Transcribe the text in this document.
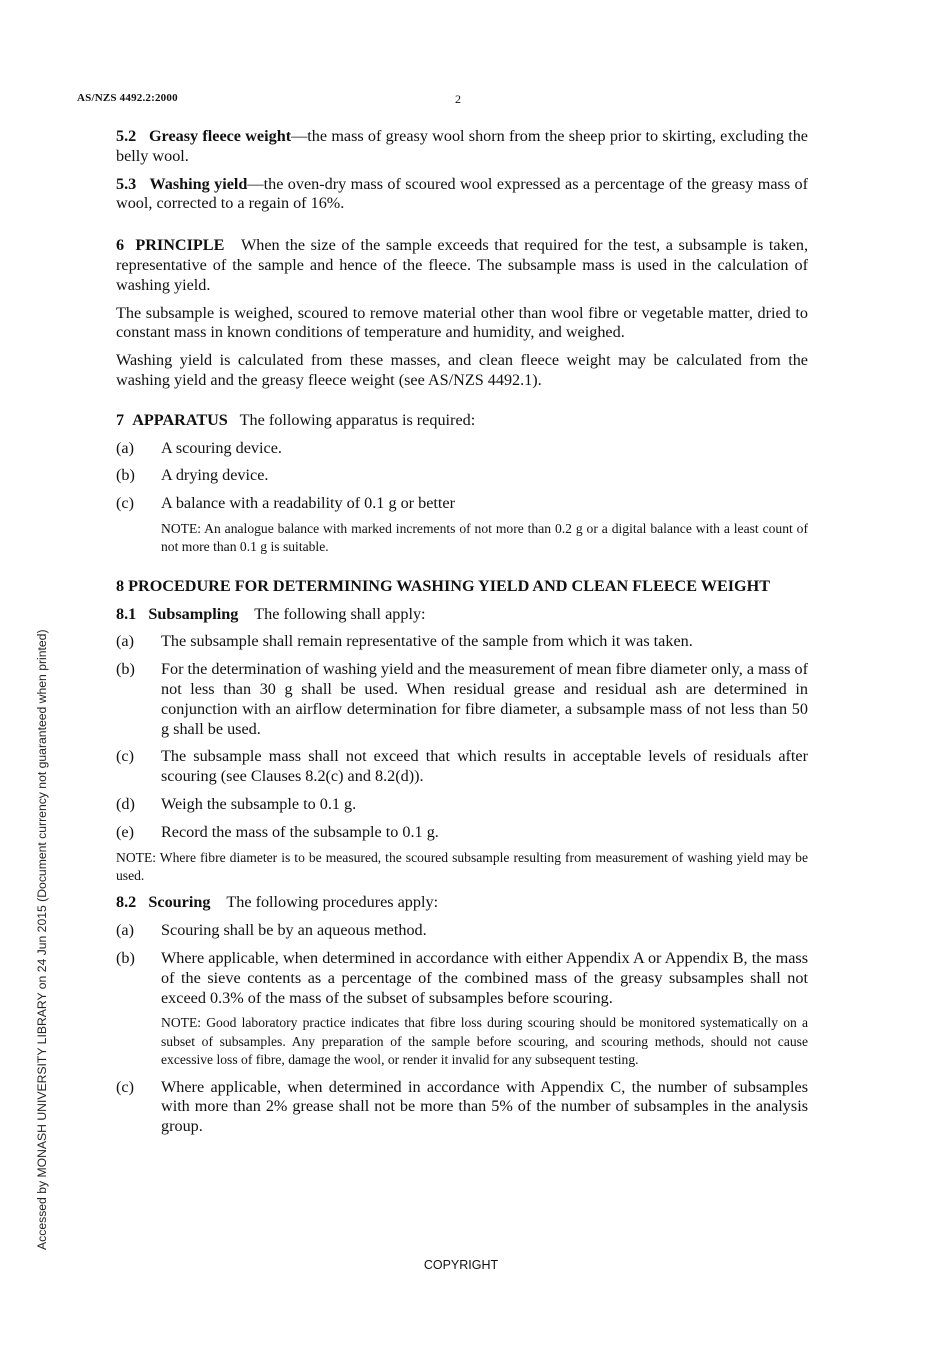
AS/NZS 4492.2:2000	2
Accessed by MONASH UNIVERSITY LIBRARY on 24 Jun 2015 (Document currency not guaranteed when printed)

5.2 Greasy fleece weight—the mass of greasy wool shorn from the sheep prior to skirting, excluding the belly wool.

5.3 Washing yield—the oven-dry mass of scoured wool expressed as a percentage of the greasy mass of wool, corrected to a regain of 16%.

6 PRINCIPLE When the size of the sample exceeds that required for the test, a subsample is taken, representative of the sample and hence of the fleece. The subsample mass is used in the calculation of washing yield.

The subsample is weighed, scoured to remove material other than wool fibre or vegetable matter, dried to constant mass in known conditions of temperature and humidity, and weighed.

Washing yield is calculated from these masses, and clean fleece weight may be calculated from the washing yield and the greasy fleece weight (see AS/NZS 4492.1).

7 APPARATUS The following apparatus is required:

(a)	A scouring device.
(b)	A drying device.
(c)	A balance with a readability of 0.1 g or better

NOTE: An analogue balance with marked increments of not more than 0.2 g or a digital balance with a least count of not more than 0.1 g is suitable.

8 PROCEDURE FOR DETERMINING WASHING YIELD AND CLEAN FLEECE WEIGHT

8.1 Subsampling The following shall apply:

(a)	The subsample shall remain representative of the sample from which it was taken.
(b)	For the determination of washing yield and the measurement of mean fibre diameter only, a mass of not less than 30 g shall be used. When residual grease and residual ash are determined in conjunction with an airflow determination for fibre diameter, a subsample mass of not less than 50 g shall be used.
(c)	The subsample mass shall not exceed that which results in acceptable levels of residuals after scouring (see Clauses 8.2(c) and 8.2(d)).
(d)	Weigh the subsample to 0.1 g.
(e)	Record the mass of the subsample to 0.1 g.

NOTE: Where fibre diameter is to be measured, the scoured subsample resulting from measurement of washing yield may be used.

8.2 Scouring The following procedures apply:

(a)	Scouring shall be by an aqueous method.
(b)	Where applicable, when determined in accordance with either Appendix A or Appendix B, the mass of the sieve contents as a percentage of the combined mass of the greasy subsamples shall not exceed 0.3% of the mass of the subset of subsamples before scouring.

NOTE: Good laboratory practice indicates that fibre loss during scouring should be monitored systematically on a subset of subsamples. Any preparation of the sample before scouring, and scouring methods, should not cause excessive loss of fibre, damage the wool, or render it invalid for any subsequent testing.

(c)	Where applicable, when determined in accordance with Appendix C, the number of subsamples with more than 2% grease shall not be more than 5% of the number of subsamples in the analysis group.
COPYRIGHT
